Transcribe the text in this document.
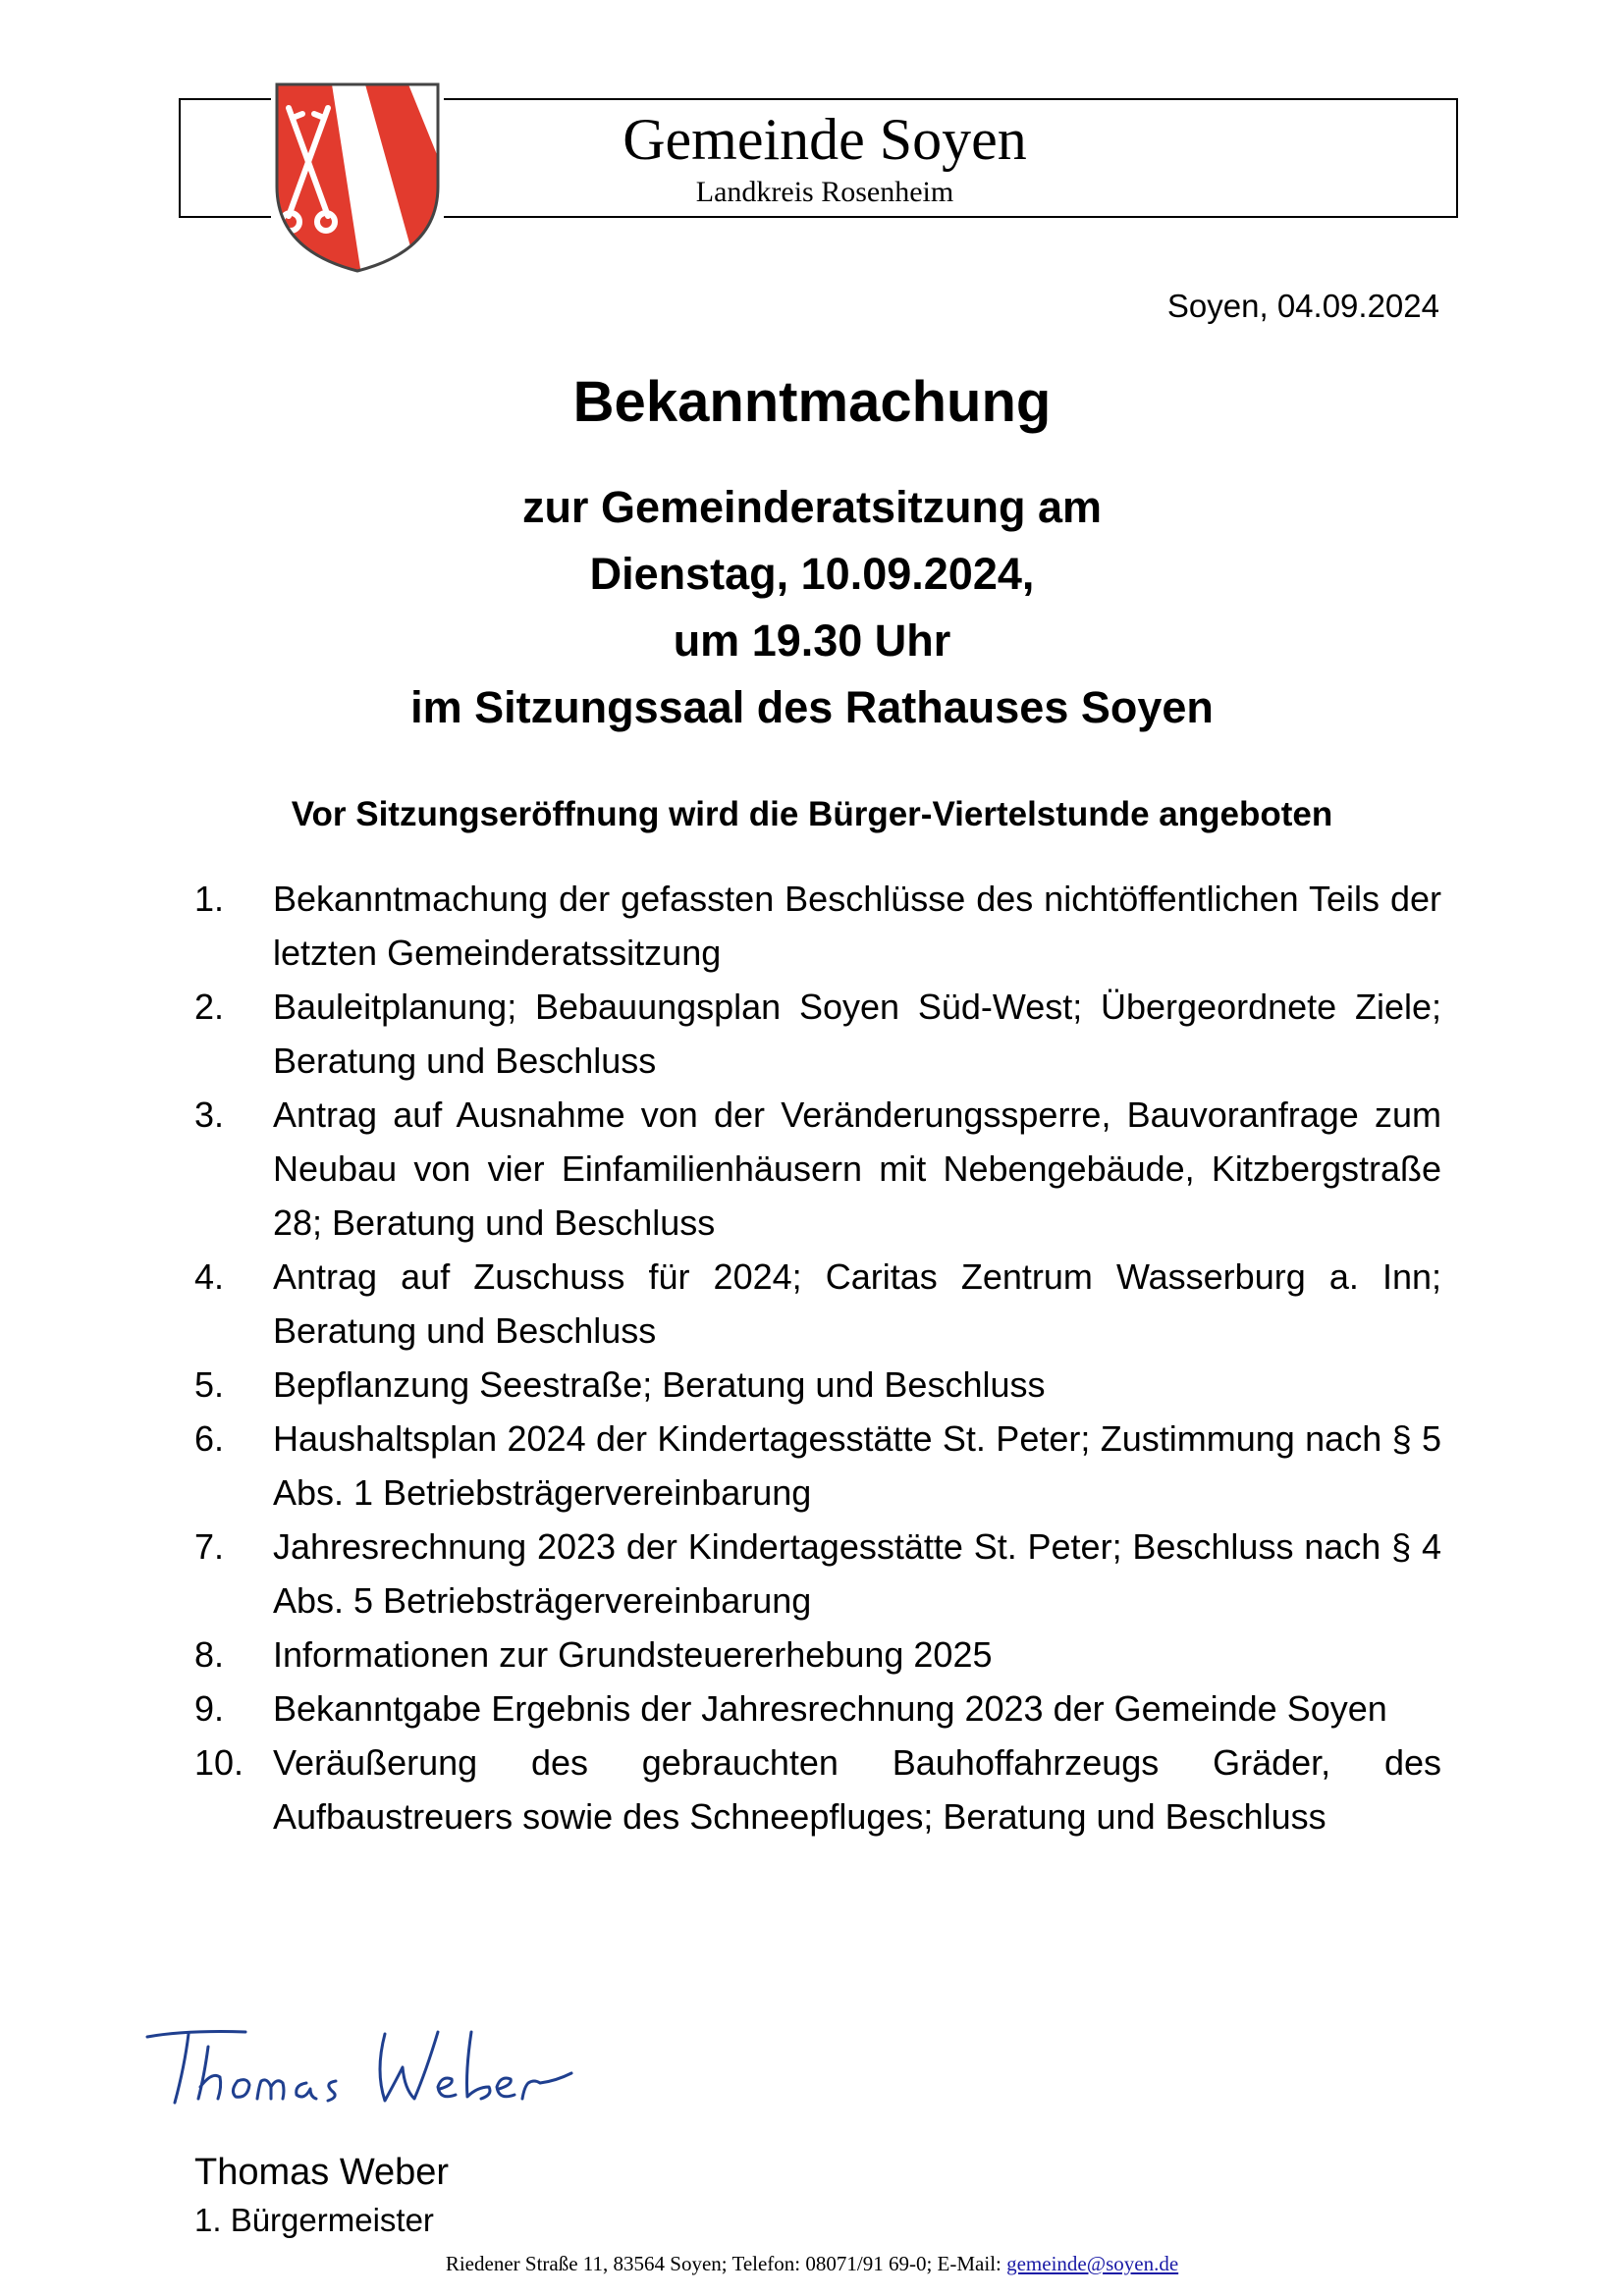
Gemeinde Soyen
Landkreis Rosenheim
Soyen, 04.09.2024
Bekanntmachung
zur Gemeinderatsitzung am
Dienstag, 10.09.2024,
um 19.30 Uhr
im Sitzungssaal des Rathauses Soyen
Vor Sitzungseröffnung wird die Bürger-Viertelstunde angeboten
1.	Bekanntmachung der gefassten Beschlüsse des nichtöffentlichen Teils der letzten Gemeinderatssitzung
2.	Bauleitplanung; Bebauungsplan Soyen Süd-West; Übergeordnete Ziele; Beratung und Beschluss
3.	Antrag auf Ausnahme von der Veränderungssperre, Bauvoranfrage zum Neubau von vier Einfamilienhäusern mit Nebengebäude, Kitzbergstraße 28; Beratung und Beschluss
4.	Antrag auf Zuschuss für 2024; Caritas Zentrum Wasserburg a. Inn; Beratung und Beschluss
5.	Bepflanzung Seestraße; Beratung und Beschluss
6.	Haushaltsplan 2024 der Kindertagesstätte St. Peter; Zustimmung nach § 5 Abs. 1 Betriebsträgervereinbarung
7.	Jahresrechnung 2023 der Kindertagesstätte St. Peter; Beschluss nach § 4 Abs. 5 Betriebsträgervereinbarung
8.	Informationen zur Grundsteuererhebung 2025
9.	Bekanntgabe Ergebnis der Jahresrechnung 2023 der Gemeinde Soyen
10. Veräußerung des gebrauchten Bauhoffahrzeugs Gräder, des Aufbaustreuers sowie des Schneepfluges; Beratung und Beschluss
Thomas Weber
1. Bürgermeister
Riedener Straße 11, 83564 Soyen; Telefon: 08071/91 69-0; E-Mail: gemeinde@soyen.de
